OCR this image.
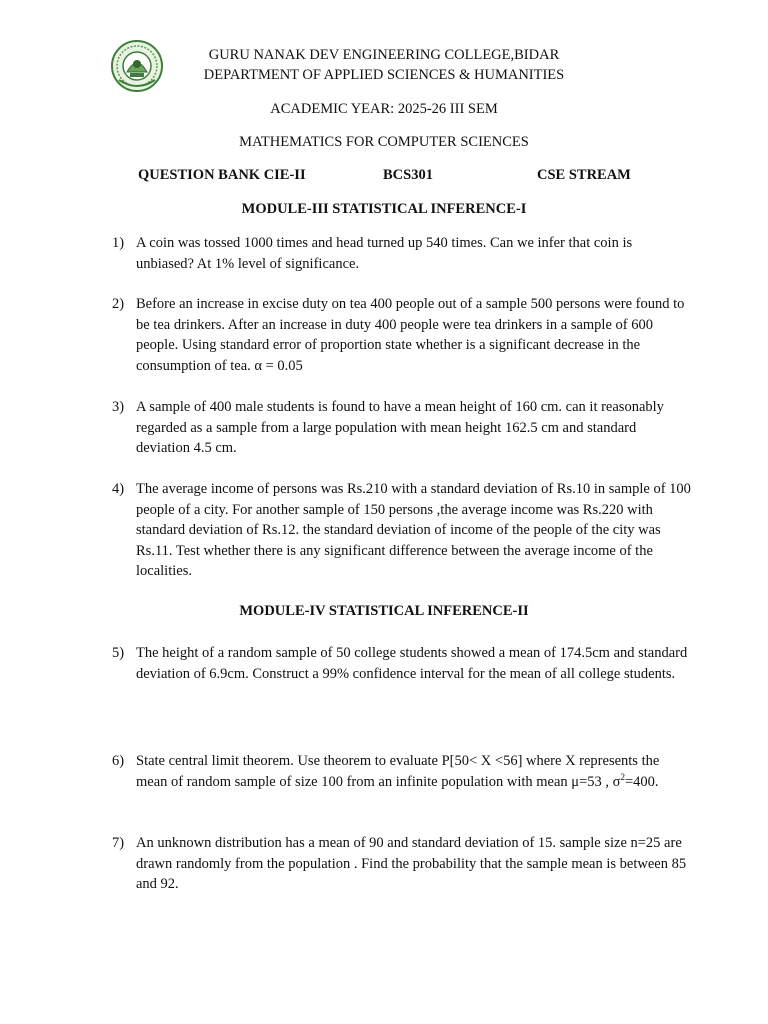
GURU NANAK DEV ENGINEERING COLLEGE,BIDAR
DEPARTMENT OF APPLIED SCIENCES & HUMANITIES
ACADEMIC YEAR: 2025-26 III SEM
MATHEMATICS FOR COMPUTER SCIENCES
QUESTION BANK CIE-II	BCS301	CSE STREAM
MODULE-III STATISTICAL INFERENCE-I
1) A coin was tossed 1000 times and head turned up 540 times. Can we infer that coin is unbiased? At 1% level of significance.
2) Before an increase in excise duty on tea 400 people out of a sample 500 persons were found to be tea drinkers. After an increase in duty 400 people were tea drinkers in a sample of 600 people. Using standard error of proportion state whether is a significant decrease in the consumption of tea. α = 0.05
3) A sample of 400 male students is found to have a mean height of 160 cm. can it reasonably regarded as a sample from a large population with mean height 162.5 cm and standard deviation 4.5 cm.
4) The average income of persons was Rs.210 with a standard deviation of Rs.10 in sample of 100 people of a city. For another sample of 150 persons ,the average income was Rs.220 with standard deviation of Rs.12. the standard deviation of income of the people of the city was Rs.11. Test whether there is any significant difference between the average income of the localities.
MODULE-IV STATISTICAL INFERENCE-II
5) The height of a random sample of 50 college students showed a mean of 174.5cm and standard deviation of 6.9cm. Construct a 99% confidence interval for the mean of all college students.
6) State central limit theorem. Use theorem to evaluate P[50< X <56] where X represents the mean of random sample of size 100 from an infinite population with mean μ=53 , $\sigma^2=400$.
7) An unknown distribution has a mean of 90 and standard deviation of 15. sample size n=25 are drawn randomly from the population . Find the probability that the sample mean is between 85 and 92.
